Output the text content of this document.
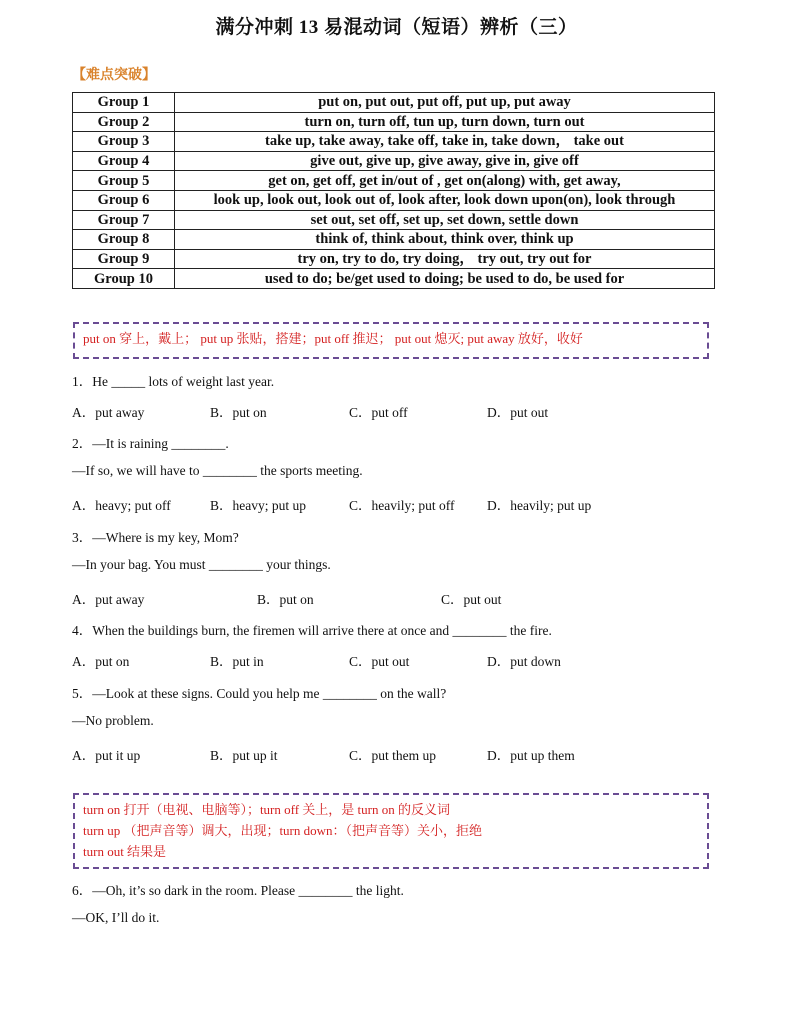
满分冲刺 13 易混动词（短语）辨析（三）
【难点突破】
Group 1	put on, put out, put off, put up, put away
Group 2	turn on, turn off, tun up, turn down, turn out
Group 3	take up, take away, take off, take in, take down， take out
Group 4	give out, give up, give away, give in, give off
Group 5	get on, get off, get in/out of , get on(along) with, get away,
Group 6	look up, look out, look out of, look after, look down upon(on), look through
Group 7	set out, set off, set up, set down, settle down
Group 8	think of, think about, think over, think up
Group 9	try on, try to do, try doing， try out, try out for
Group 10	used to do; be/get used to doing; be used to do, be used for
put on 穿上，戴上； put up 张贴，搭建；put off 推迟； put out 熄灭; put away 放好，收好
1．He _____ lots of weight last year.
A．put away	B．put on	C．put off	D．put out
2．—It is raining ________.
—If so, we will have to ________ the sports meeting.
A．heavy; put off	B．heavy; put up	C．heavily; put off D．heavily; put up
3．—Where is my key, Mom?
—In your bag. You must ________ your things.
A．put away	B．put on	C．put out
4．When the buildings burn, the firemen will arrive there at once and ________ the fire.
A．put on	B．put in	C．put out	D．put down
5．—Look at these signs. Could you help me ________ on the wall?
—No problem.
A．put it up	B．put up it	C．put them up	D．put up them
turn on 打开（电视、电脑等）；turn off 关上，是 turn on 的反义词
turn up （把声音等）调大，出现；turn down：（把声音等）关小，拒绝
turn out 结果是
6．—Oh, it’s so dark in the room. Please ________ the light.
—OK, I’ll do it.
